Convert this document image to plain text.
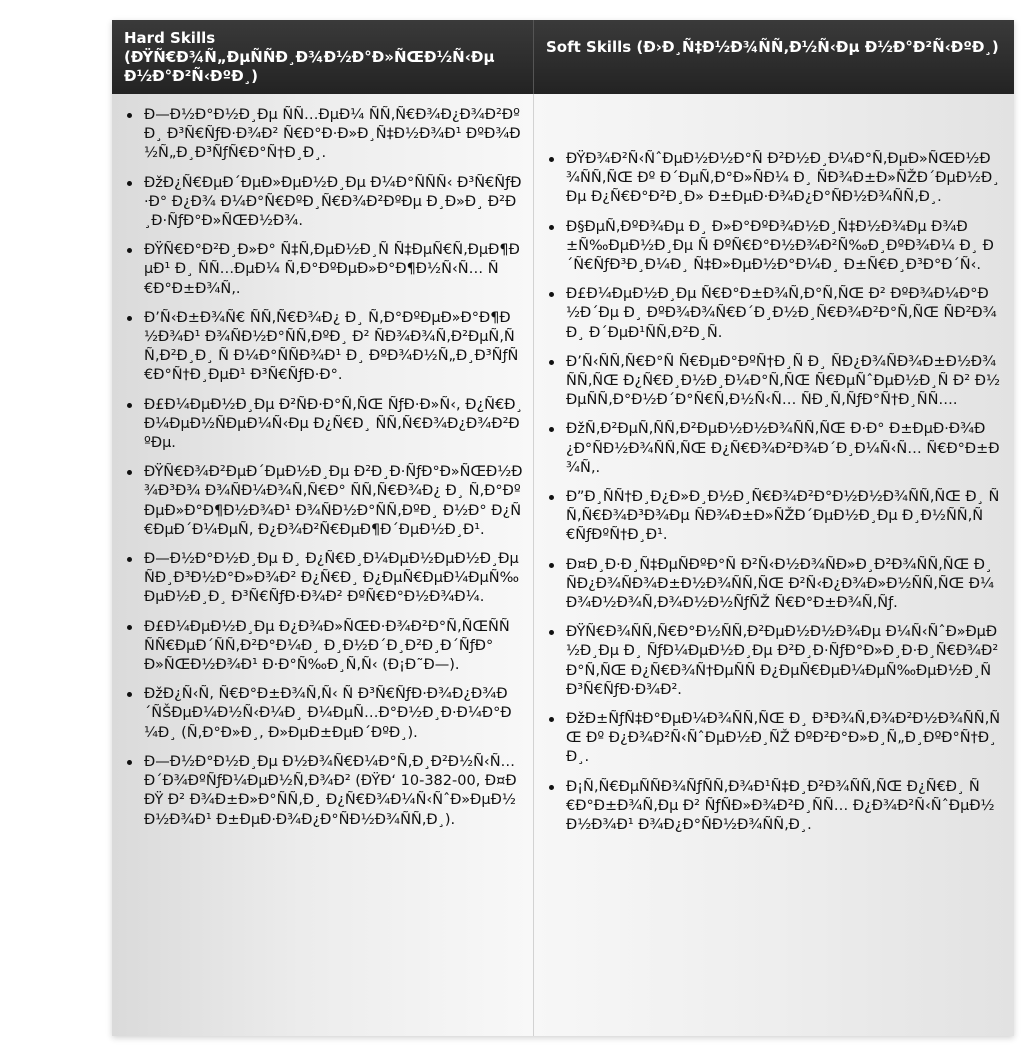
Hard Skills (ÐŸÑ€Ð¾Ñ„ÐµÑÑÐ¸Ð¾Ð½Ð°Ð»ÑŒÐ½Ñ‹Ðµ Ð½Ð°Ð²Ñ‹ÐºÐ¸)
Soft Skills (Ð›Ð¸Ñ‡Ð½Ð¾ÑÑ‚Ð½Ñ‹Ðµ Ð½Ð°Ð²Ñ‹ÐºÐ¸)
Ð—Ð½Ð°Ð½Ð¸Ðµ ÑÑ…ÐµÐ¼ ÑÑ‚Ñ€Ð¾Ð¿Ð¾Ð²ÐºÐ¸ Ð³Ñ€ÑƒÐ·Ð¾Ð² Ñ€Ð°Ð·Ð»Ð¸Ñ‡Ð½Ð¾Ð¹ ÐºÐ¾Ð½Ñ„Ð¸Ð³ÑƒÑ€Ð°Ñ†Ð¸Ð¸.
ÐžÐ¿Ñ€ÐµÐ´ÐµÐ»ÐµÐ½Ð¸Ðµ Ð¼Ð°ÑÑÑ‹ Ð³Ñ€ÑƒÐ·Ð° Ð¿Ð¾ Ð¼Ð°Ñ€ÐºÐ¸Ñ€Ð¾Ð²ÐºÐµ Ð¸Ð»Ð¸ Ð²Ð¸Ð·ÑƒÐ°Ð»ÑŒÐ½Ð¾.
ÐŸÑ€Ð°Ð²Ð¸Ð»Ð° Ñ‡Ñ‚ÐµÐ½Ð¸Ñ Ñ‡ÐµÑ€Ñ‚ÐµÐ¶ÐµÐ¹ Ð¸ ÑÑ…ÐµÐ¼ Ñ‚Ð°ÐºÐµÐ»Ð°Ð¶Ð½Ñ‹Ñ… Ñ€Ð°Ð±Ð¾Ñ‚.
Ð’Ñ‹Ð±Ð¾Ñ€ ÑÑ‚Ñ€Ð¾Ð¿ Ð¸ Ñ‚Ð°ÐºÐµÐ»Ð°Ð¶Ð½Ð¾Ð¹ Ð¾ÑÐ½Ð°ÑÑ‚ÐºÐ¸ Ð² ÑÐ¾Ð¾Ñ‚Ð²ÐµÑ‚ÑÑ‚Ð²Ð¸Ð¸ Ñ Ð¼Ð°ÑÑÐ¾Ð¹ Ð¸ ÐºÐ¾Ð½Ñ„Ð¸Ð³ÑƒÑ€Ð°Ñ†Ð¸ÐµÐ¹ Ð³Ñ€ÑƒÐ·Ð°.
Ð£Ð¼ÐµÐ½Ð¸Ðµ Ð²ÑÐ·Ð°Ñ‚ÑŒ ÑƒÐ·Ð»Ñ‹, Ð¿Ñ€Ð¸Ð¼ÐµÐ½ÑÐµÐ¼Ñ‹Ðµ Ð¿Ñ€Ð¸ ÑÑ‚Ñ€Ð¾Ð¿Ð¾Ð²ÐºÐµ.
ÐŸÑ€Ð¾Ð²ÐµÐ´ÐµÐ½Ð¸Ðµ Ð²Ð¸Ð·ÑƒÐ°Ð»ÑŒÐ½Ð¾Ð³Ð¾ Ð¾ÑÐ¼Ð¾Ñ‚Ñ€Ð° ÑÑ‚Ñ€Ð¾Ð¿ Ð¸ Ñ‚Ð°ÐºÐµÐ»Ð°Ð¶Ð½Ð¾Ð¹ Ð¾ÑÐ½Ð°ÑÑ‚ÐºÐ¸ Ð½Ð° Ð¿Ñ€ÐµÐ´Ð¼ÐµÑ‚ Ð¿Ð¾Ð²Ñ€ÐµÐ¶Ð´ÐµÐ½Ð¸Ð¹.
Ð—Ð½Ð°Ð½Ð¸Ðµ Ð¸ Ð¿Ñ€Ð¸Ð¼ÐµÐ½ÐµÐ½Ð¸Ðµ ÑÐ¸Ð³Ð½Ð°Ð»Ð¾Ð² Ð¿Ñ€Ð¸ Ð¿ÐµÑ€ÐµÐ¼ÐµÑ‰ÐµÐ½Ð¸Ð¸ Ð³Ñ€ÑƒÐ·Ð¾Ð² ÐºÑ€Ð°Ð½Ð¾Ð¼.
Ð£Ð¼ÐµÐ½Ð¸Ðµ Ð¿Ð¾Ð»ÑŒÐ·Ð¾Ð²Ð°Ñ‚ÑŒÑÑ ÑÑ€ÐµÐ´ÑÑ‚Ð²Ð°Ð¼Ð¸ Ð¸Ð½Ð´Ð¸Ð²Ð¸Ð´ÑƒÐ°Ð»ÑŒÐ½Ð¾Ð¹ Ð·Ð°Ñ‰Ð¸Ñ‚Ñ‹ (Ð¡Ð˜Ð—).
ÐžÐ¿Ñ‹Ñ‚ Ñ€Ð°Ð±Ð¾Ñ‚Ñ‹ Ñ Ð³Ñ€ÑƒÐ·Ð¾Ð¿Ð¾Ð´ÑŠÐµÐ¼Ð½Ñ‹Ð¼Ð¸ Ð¼ÐµÑ…Ð°Ð½Ð¸Ð·Ð¼Ð°Ð¼Ð¸ (Ñ‚Ð°Ð»Ð¸, Ð»ÐµÐ±ÐµÐ´ÐºÐ¸).
Ð—Ð½Ð°Ð½Ð¸Ðµ Ð½Ð¾Ñ€Ð¼Ð°Ñ‚Ð¸Ð²Ð½Ñ‹Ñ… Ð´Ð¾ÐºÑƒÐ¼ÐµÐ½Ñ‚Ð¾Ð² (ÐŸÐ‘ 10-382-00, Ð¤ÐÐŸ Ð² Ð¾Ð±Ð»Ð°ÑÑ‚Ð¸ Ð¿Ñ€Ð¾Ð¼Ñ‹ÑˆÐ»ÐµÐ½Ð½Ð¾Ð¹ Ð±ÐµÐ·Ð¾Ð¿Ð°ÑÐ½Ð¾ÑÑ‚Ð¸).
ÐŸÐ¾Ð²Ñ‹ÑˆÐµÐ½Ð½Ð°Ñ Ð²Ð½Ð¸Ð¼Ð°Ñ‚ÐµÐ»ÑŒÐ½Ð¾ÑÑ‚ÑŒ Ðº Ð´ÐµÑ‚Ð°Ð»ÑÐ¼ Ð¸ ÑÐ¾Ð±Ð»ÑŽÐ´ÐµÐ½Ð¸Ðµ Ð¿Ñ€Ð°Ð²Ð¸Ð» Ð±ÐµÐ·Ð¾Ð¿Ð°ÑÐ½Ð¾ÑÑ‚Ð¸.
Ð§ÐµÑ‚ÐºÐ¾Ðµ Ð¸ Ð»Ð°ÐºÐ¾Ð½Ð¸Ñ‡Ð½Ð¾Ðµ Ð¾Ð±Ñ‰ÐµÐ½Ð¸Ðµ Ñ ÐºÑ€Ð°Ð½Ð¾Ð²Ñ‰Ð¸ÐºÐ¾Ð¼ Ð¸ Ð´Ñ€ÑƒÐ³Ð¸Ð¼Ð¸ Ñ‡Ð»ÐµÐ½Ð°Ð¼Ð¸ Ð±Ñ€Ð¸Ð³Ð°Ð´Ñ‹.
Ð£Ð¼ÐµÐ½Ð¸Ðµ Ñ€Ð°Ð±Ð¾Ñ‚Ð°Ñ‚ÑŒ Ð² ÐºÐ¾Ð¼Ð°Ð½Ð´Ðµ Ð¸ ÐºÐ¾Ð¾Ñ€Ð´Ð¸Ð½Ð¸Ñ€Ð¾Ð²Ð°Ñ‚ÑŒ ÑÐ²Ð¾Ð¸ Ð´ÐµÐ¹ÑÑ‚Ð²Ð¸Ñ.
Ð’Ñ‹ÑÑ‚Ñ€Ð°Ñ Ñ€ÐµÐ°ÐºÑ†Ð¸Ñ Ð¸ ÑÐ¿Ð¾ÑÐ¾Ð±Ð½Ð¾ÑÑ‚ÑŒ Ð¿Ñ€Ð¸Ð½Ð¸Ð¼Ð°Ñ‚ÑŒ Ñ€ÐµÑˆÐµÐ½Ð¸Ñ Ð² Ð½ÐµÑÑ‚Ð°Ð½Ð´Ð°Ñ€Ñ‚Ð½Ñ‹Ñ… ÑÐ¸Ñ‚ÑƒÐ°Ñ†Ð¸ÑÑ….
ÐžÑ‚Ð²ÐµÑ‚ÑÑ‚Ð²ÐµÐ½Ð½Ð¾ÑÑ‚ÑŒ Ð·Ð° Ð±ÐµÐ·Ð¾Ð¿Ð°ÑÐ½Ð¾ÑÑ‚ÑŒ Ð¿Ñ€Ð¾Ð²Ð¾Ð´Ð¸Ð¼Ñ‹Ñ… Ñ€Ð°Ð±Ð¾Ñ‚.
Ð”Ð¸ÑÑ†Ð¸Ð¿Ð»Ð¸Ð½Ð¸Ñ€Ð¾Ð²Ð°Ð½Ð½Ð¾ÑÑ‚ÑŒ Ð¸ ÑÑ‚Ñ€Ð¾Ð³Ð¾Ðµ ÑÐ¾Ð±Ð»ÑŽÐ´ÐµÐ½Ð¸Ðµ Ð¸Ð½ÑÑ‚Ñ€ÑƒÐºÑ†Ð¸Ð¹.
Ð¤Ð¸Ð·Ð¸Ñ‡ÐµÑÐºÐ°Ñ Ð²Ñ‹Ð½Ð¾ÑÐ»Ð¸Ð²Ð¾ÑÑ‚ÑŒ Ð¸ ÑÐ¿Ð¾ÑÐ¾Ð±Ð½Ð¾ÑÑ‚ÑŒ Ð²Ñ‹Ð¿Ð¾Ð»Ð½ÑÑ‚ÑŒ Ð¼Ð¾Ð½Ð¾Ñ‚Ð¾Ð½Ð½ÑƒÑŽ Ñ€Ð°Ð±Ð¾Ñ‚Ñƒ.
ÐŸÑ€Ð¾ÑÑ‚Ñ€Ð°Ð½ÑÑ‚Ð²ÐµÐ½Ð½Ð¾Ðµ Ð¼Ñ‹ÑˆÐ»ÐµÐ½Ð¸Ðµ Ð¸ ÑƒÐ¼ÐµÐ½Ð¸Ðµ Ð²Ð¸Ð·ÑƒÐ°Ð»Ð¸Ð·Ð¸Ñ€Ð¾Ð²Ð°Ñ‚ÑŒ Ð¿Ñ€Ð¾Ñ†ÐµÑÑ Ð¿ÐµÑ€ÐµÐ¼ÐµÑ‰ÐµÐ½Ð¸Ñ Ð³Ñ€ÑƒÐ·Ð¾Ð².
ÐžÐ±ÑƒÑ‡Ð°ÐµÐ¼Ð¾ÑÑ‚ÑŒ Ð¸ Ð³Ð¾Ñ‚Ð¾Ð²Ð½Ð¾ÑÑ‚ÑŒ Ðº Ð¿Ð¾Ð²Ñ‹ÑˆÐµÐ½Ð¸ÑŽ ÐºÐ²Ð°Ð»Ð¸Ñ„Ð¸ÐºÐ°Ñ†Ð¸Ð¸.
Ð¡Ñ‚Ñ€ÐµÑÑÐ¾ÑƒÑÑ‚Ð¾Ð¹Ñ‡Ð¸Ð²Ð¾ÑÑ‚ÑŒ Ð¿Ñ€Ð¸ Ñ€Ð°Ð±Ð¾Ñ‚Ðµ Ð² ÑƒÑÐ»Ð¾Ð²Ð¸ÑÑ… Ð¿Ð¾Ð²Ñ‹ÑˆÐµÐ½Ð½Ð¾Ð¹ Ð¾Ð¿Ð°ÑÐ½Ð¾ÑÑ‚Ð¸.
